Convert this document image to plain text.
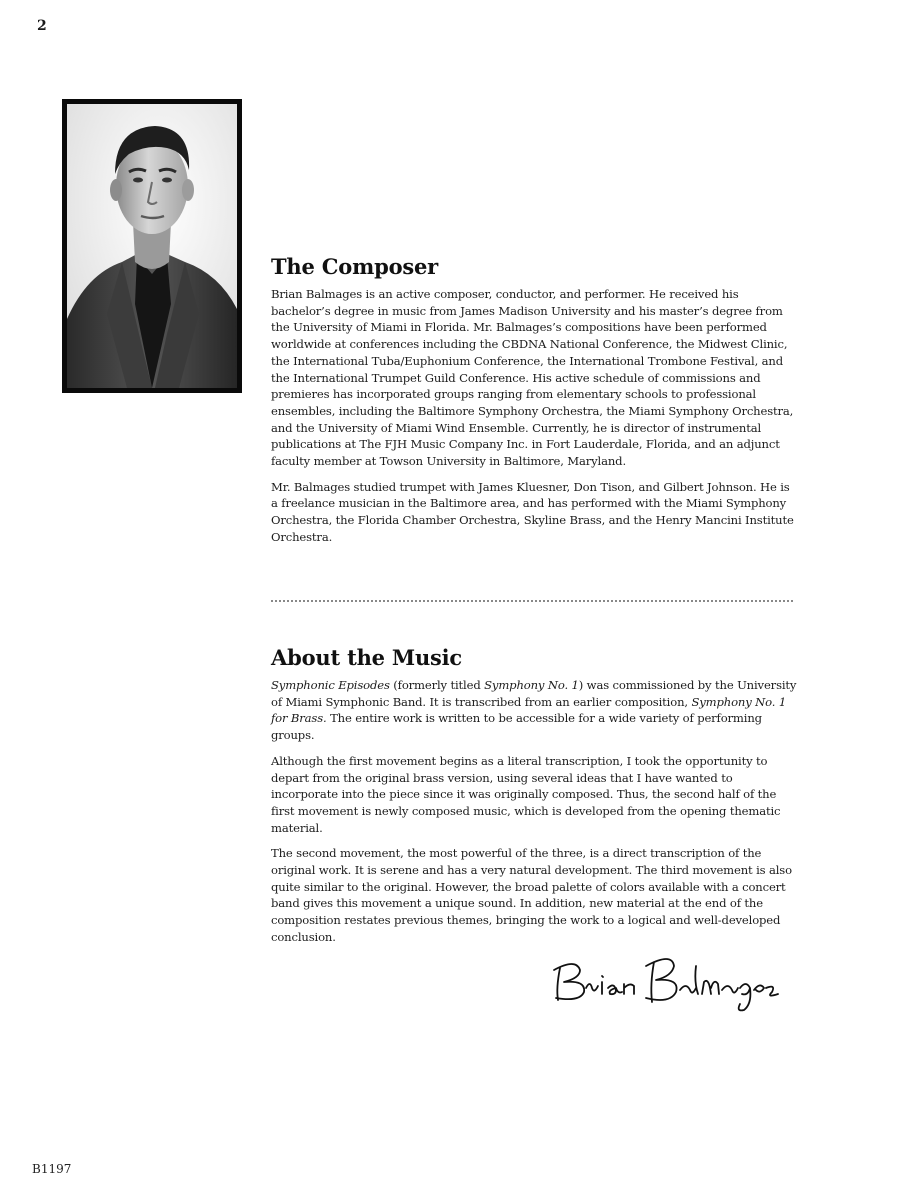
2
The Composer

Brian Balmages is an active composer, conductor, and performer. He received his bachelor’s degree in music from James Madison University and his master’s degree from the University of Miami in Florida. Mr. Balmages’s compositions have been performed worldwide at conferences including the CBDNA National Conference, the Midwest Clinic, the International Tuba/Euphonium Conference, the International Trombone Festival, and the International Trumpet Guild Conference. His active schedule of commissions and premieres has incorporated groups ranging from elementary schools to professional ensembles, including the Baltimore Symphony Orchestra, the Miami Symphony Orchestra, and the University of Miami Wind Ensemble. Currently, he is director of instrumental publications at The FJH Music Company Inc. in Fort Lauderdale, Florida, and an adjunct faculty member at Towson University in Baltimore, Maryland.

Mr. Balmages studied trumpet with James Kluesner, Don Tison, and Gilbert Johnson. He is a freelance musician in the Baltimore area, and has performed with the Miami Symphony Orchestra, the Florida Chamber Orchestra, Skyline Brass, and the Henry Mancini Institute Orchestra.

About the Music

Symphonic Episodes (formerly titled Symphony No. 1) was commissioned by the University of Miami Symphonic Band. It is transcribed from an earlier composition, Symphony No. 1 for Brass. The entire work is written to be accessible for a wide variety of performing groups.

Although the first movement begins as a literal transcription, I took the opportunity to depart from the original brass version, using several ideas that I have wanted to incorporate into the piece since it was originally composed. Thus, the second half of the first movement is newly composed music, which is developed from the opening thematic material.

The second movement, the most powerful of the three, is a direct transcription of the original work. It is serene and has a very natural development. The third movement is also quite similar to the original. However, the broad palette of colors available with a concert band gives this movement a unique sound. In addition, new material at the end of the composition restates previous themes, bringing the work to a logical and well-developed conclusion.

B1197
